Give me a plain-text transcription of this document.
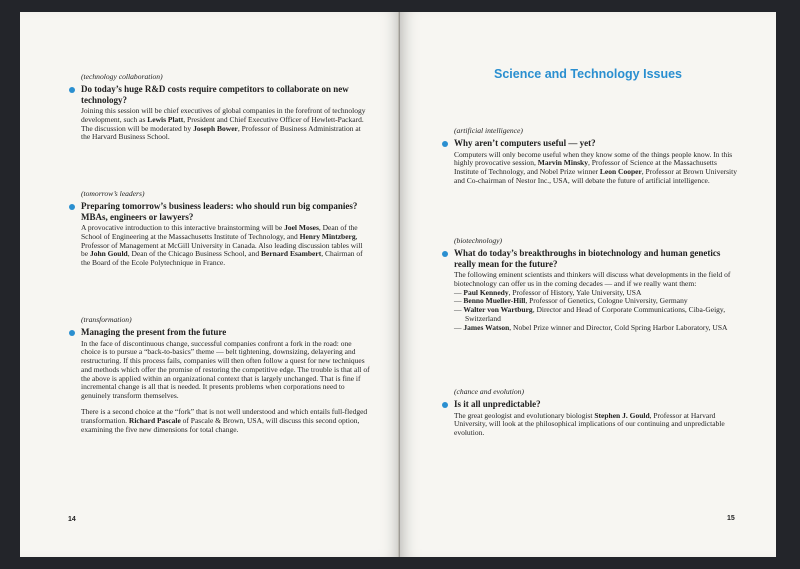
(technology collaboration)

Do today’s huge R&D costs require competitors to collaborate on new technology?

Joining this session will be chief executives of global companies in the forefront of technology development, such as Lewis Platt, President and Chief Executive Officer of Hewlett-Packard. The discussion will be moderated by Joseph Bower, Professor of Business Administration at the Harvard Business School.

(tomorrow’s leaders)

Preparing tomorrow’s business leaders: who should run big companies? MBAs, engineers or lawyers?

A provocative introduction to this interactive brainstorming will be Joel Moses, Dean of the School of Engineering at the Massachusetts Institute of Technology, and Henry Mintzberg, Professor of Management at McGill University in Canada. Also leading discussion tables will be John Gould, Dean of the Chicago Business School, and Bernard Esambert, Chairman of the Board of the Ecole Polytechnique in France.

(transformation)

Managing the present from the future

In the face of discontinuous change, successful companies confront a fork in the road: one choice is to pursue a “back-to-basics” theme — belt tightening, downsizing, delayering and restructuring. If this process fails, companies will then often follow a quest for new techniques and methods which offer the promise of restoring the competitive edge. The trouble is that all of the above is applied within an organizational context that is largely unchanged. That is fine if incremental change is all that is needed. It presents problems when corporations need to genuinely transform themselves.

There is a second choice at the “fork” that is not well understood and which entails full-fledged transformation. Richard Pascale of Pascale & Brown, USA, will discuss this second option, examining the five new dimensions for total change.

14
Science and Technology Issues

(artificial intelligence)

Why aren’t computers useful — yet?

Computers will only become useful when they know some of the things people know. In this highly provocative session, Marvin Minsky, Professor of Science at the Massachusetts Institute of Technology, and Nobel Prize winner Leon Cooper, Professor at Brown University and Co-chairman of Nestor Inc., USA, will debate the future of artificial intelligence.

(biotechnology)

What do today’s breakthroughs in biotechnology and human genetics really mean for the future?

The following eminent scientists and thinkers will discuss what developments in the field of biotechnology can offer us in the coming decades — and if we really want them:

— Paul Kennedy, Professor of History, Yale University, USA
— Benno Mueller-Hill, Professor of Genetics, Cologne University, Germany
— Walter von Wartburg, Director and Head of Corporate Communications, Ciba-Geigy, Switzerland
— James Watson, Nobel Prize winner and Director, Cold Spring Harbor Laboratory, USA

(chance and evolution)

Is it all unpredictable?

The great geologist and evolutionary biologist Stephen J. Gould, Professor at Harvard University, will look at the philosophical implications of our continuing and unpredictable evolution.

15
